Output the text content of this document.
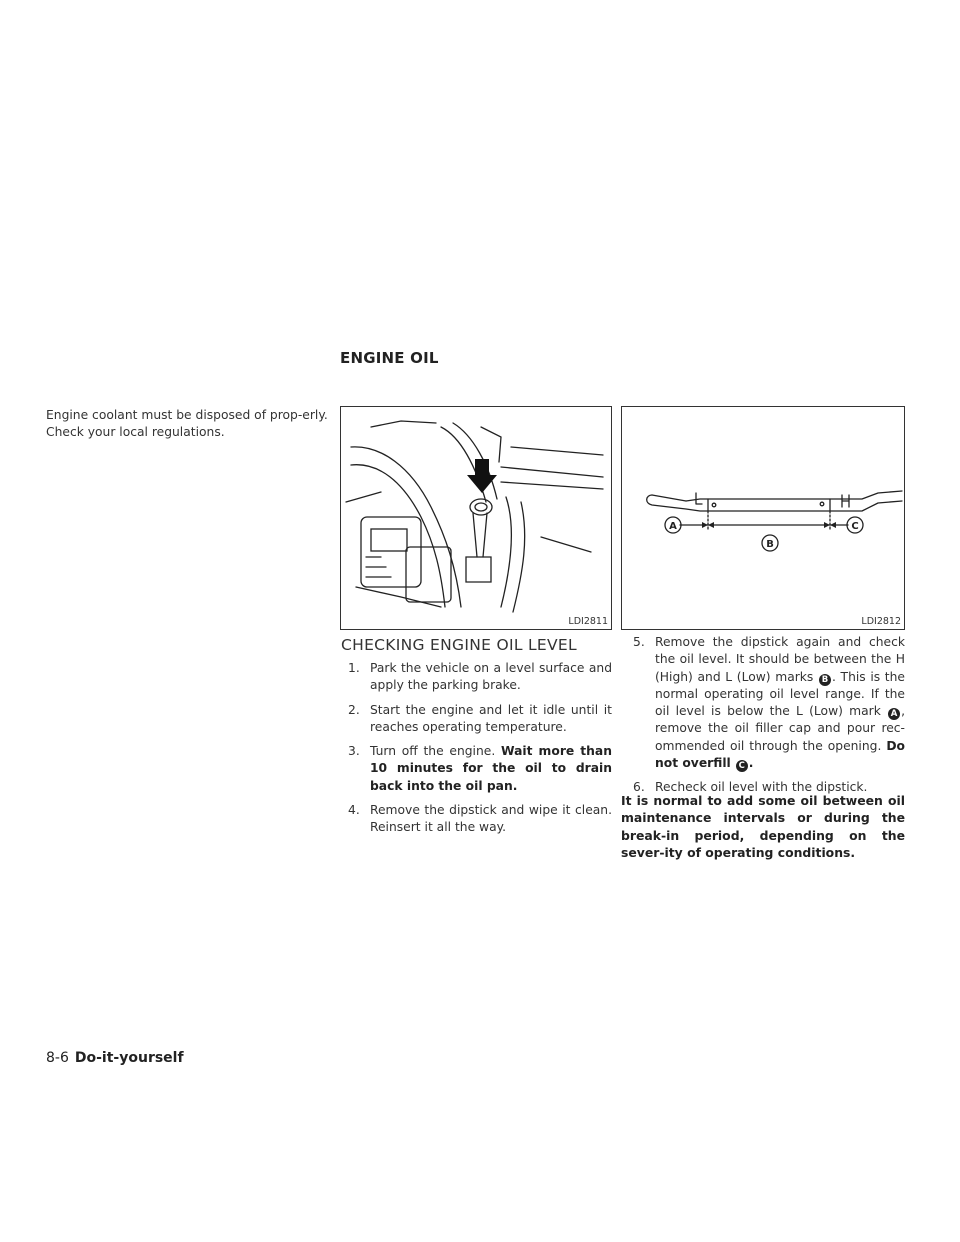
ENGINE OIL
Engine coolant must be disposed of prop-erly. Check your local regulations.
LDI2811
A
B
C
LDI2812
CHECKING ENGINE OIL LEVEL
1. Park the vehicle on a level surface and apply the parking brake.
2. Start the engine and let it idle until it reaches operating temperature.
3. Turn off the engine. Wait more than 10 minutes for the oil to drain back into the oil pan.
4. Remove the dipstick and wipe it clean. Reinsert it all the way.
5. Remove the dipstick again and check the oil level. It should be between the H (High) and L (Low) marks B . This is the normal operating oil level range. If the oil level is below the L (Low) mark A , remove the oil filler cap and pour rec-ommended oil through the opening. Do not overfill C .
6. Recheck oil level with the dipstick.
It is normal to add some oil between oil maintenance intervals or during the break-in period, depending on the sever-ity of operating conditions.
8-6 Do-it-yourself
